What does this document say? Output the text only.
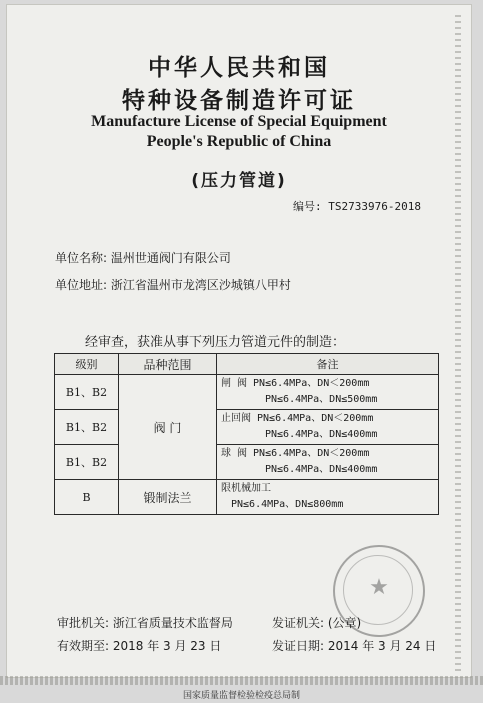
中华人民共和国
特种设备制造许可证
Manufacture License of Special Equipment
People's Republic of China
(压力管道)
编号: TS2733976-2018
单位名称: 温州世通阀门有限公司
单位地址: 浙江省温州市龙湾区沙城镇八甲村
经审查，获准从事下列压力管道元件的制造：
级别	品种范围	备注
B1、B2	阀 门	闸 阀 PN≤6.4MPa、DN＜200mm
PN≤6.4MPa、DN≤500mm

B1、B2		止回阀 PN≤6.4MPa、DN＜200mm
PN≤6.4MPa、DN≤400mm

B1、B2		球 阀 PN≤6.4MPa、DN＜200mm
PN≤6.4MPa、DN≤400mm

B	锻制法兰	限机械加工
PN≤6.4MPa、DN≤800mm
★
审批机关: 浙江省质量技术监督局	发证机关: (公章)
有效期至: 2018 年 3 月 23 日	发证日期: 2014 年 3 月 24 日
国家质量监督检验检疫总局制
